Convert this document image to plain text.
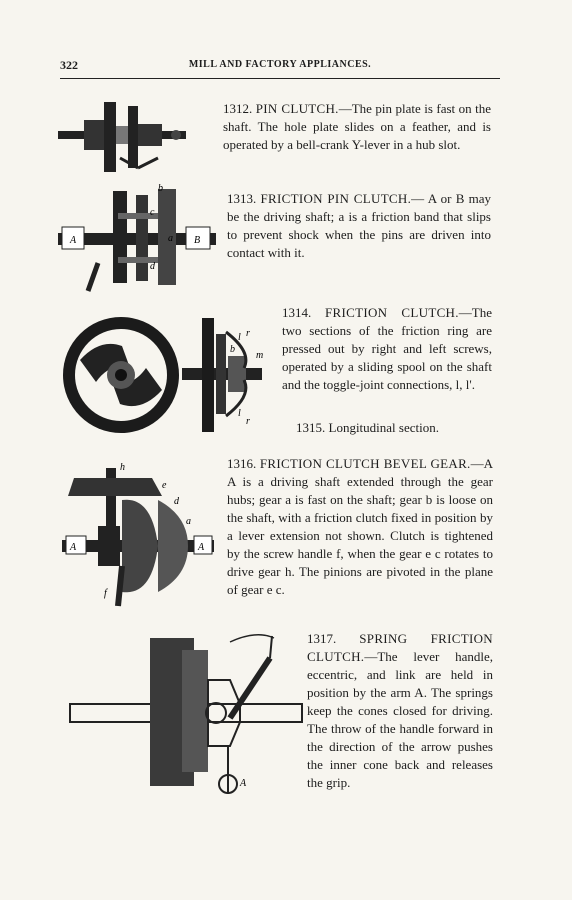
322	MILL AND FACTORY APPLIANCES.
1312. PIN CLUTCH.—The pin plate is fast on the shaft. The hole plate slides on a feather, and is operated by a bell-crank Y-lever in a hub slot.
b
c
a
d
A	B
1313. FRICTION PIN CLUTCH.— A or B may be the driving shaft; a is a friction band that slips to prevent shock when the pins are driven into contact with it.
m
b
l r
l
r
1314. FRICTION CLUTCH.—The two sections of the friction ring are pressed out by right and left screws, operated by a sliding spool on the shaft and the toggle-joint connections, l, l'.
1315. Longitudinal section.
h
e
d
a
A	A
f
1316. FRICTION CLUTCH BEVEL GEAR.—A A is a driving shaft extended through the gear hubs; gear a is fast on the shaft; gear b is loose on the shaft, with a friction clutch fixed in position by a lever extension not shown. Clutch is tightened by the screw handle f, when the gear e c rotates to drive gear h. The pinions are pivoted in the plane of gear e c.
A
1317. SPRING FRICTION CLUTCH.—The lever handle, eccentric, and link are held in position by the arm A. The springs keep the cones closed for driving. The throw of the handle forward in the direction of the arrow pushes the inner cone back and releases the grip.
